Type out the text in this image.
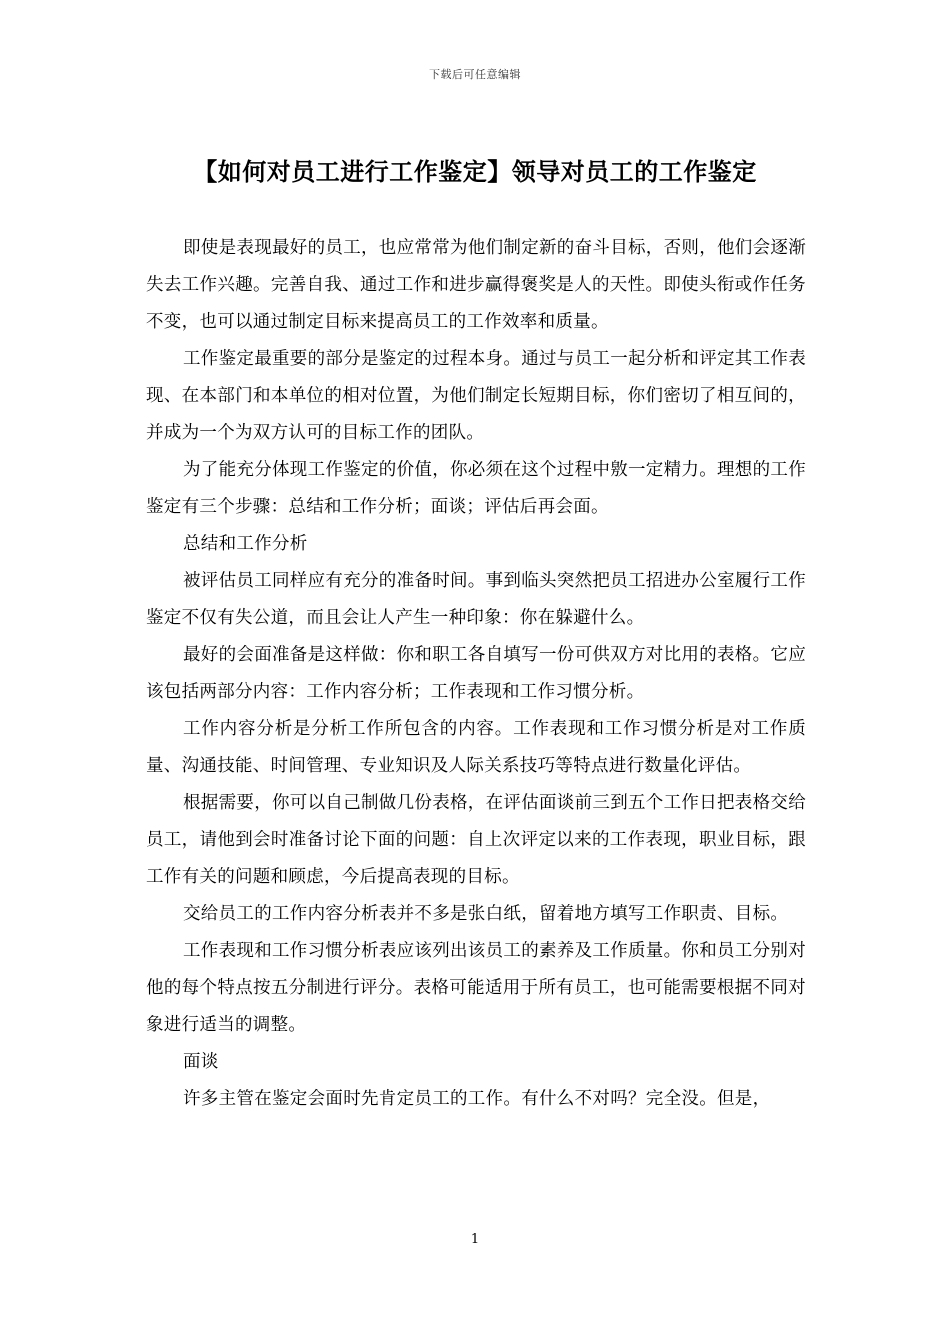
下载后可任意编辑
【如何对员工进行工作鉴定】领导对员工的工作鉴定

即使是表现最好的员工，也应常常为他们制定新的奋斗目标，否则，他们会逐渐失去工作兴趣。完善自我、通过工作和进步赢得褒奖是人的天性。即使头衔或作任务不变，也可以通过制定目标来提高员工的工作效率和质量。

工作鉴定最重要的部分是鉴定的过程本身。通过与员工一起分析和评定其工作表现、在本部门和本单位的相对位置，为他们制定长短期目标，你们密切了相互间的，并成为一个为双方认可的目标工作的团队。

为了能充分体现工作鉴定的价值，你必须在这个过程中敫一定精力。理想的工作鉴定有三个步骤：总结和工作分析；面谈；评估后再会面。

总结和工作分析

被评估员工同样应有充分的准备时间。事到临头突然把员工招进办公室履行工作鉴定不仅有失公道，而且会让人产生一种印象：你在躲避什么。

最好的会面准备是这样做：你和职工各自填写一份可供双方对比用的表格。它应该包括两部分内容：工作内容分析；工作表现和工作习惯分析。

工作内容分析是分析工作所包含的内容。工作表现和工作习惯分析是对工作质量、沟通技能、时间管理、专业知识及人际关系技巧等特点进行数量化评估。

根据需要，你可以自己制做几份表格，在评估面谈前三到五个工作日把表格交给员工，请他到会时准备讨论下面的问题：自上次评定以来的工作表现，职业目标，跟工作有关的问题和顾虑，今后提高表现的目标。

交给员工的工作内容分析表并不多是张白纸，留着地方填写工作职责、目标。

工作表现和工作习惯分析表应该列出该员工的素养及工作质量。你和员工分别对他的每个特点按五分制进行评分。表格可能适用于所有员工，也可能需要根据不同对象进行适当的调整。

面谈

许多主管在鉴定会面时先肯定员工的工作。有什么不对吗？完全没。但是，

1
